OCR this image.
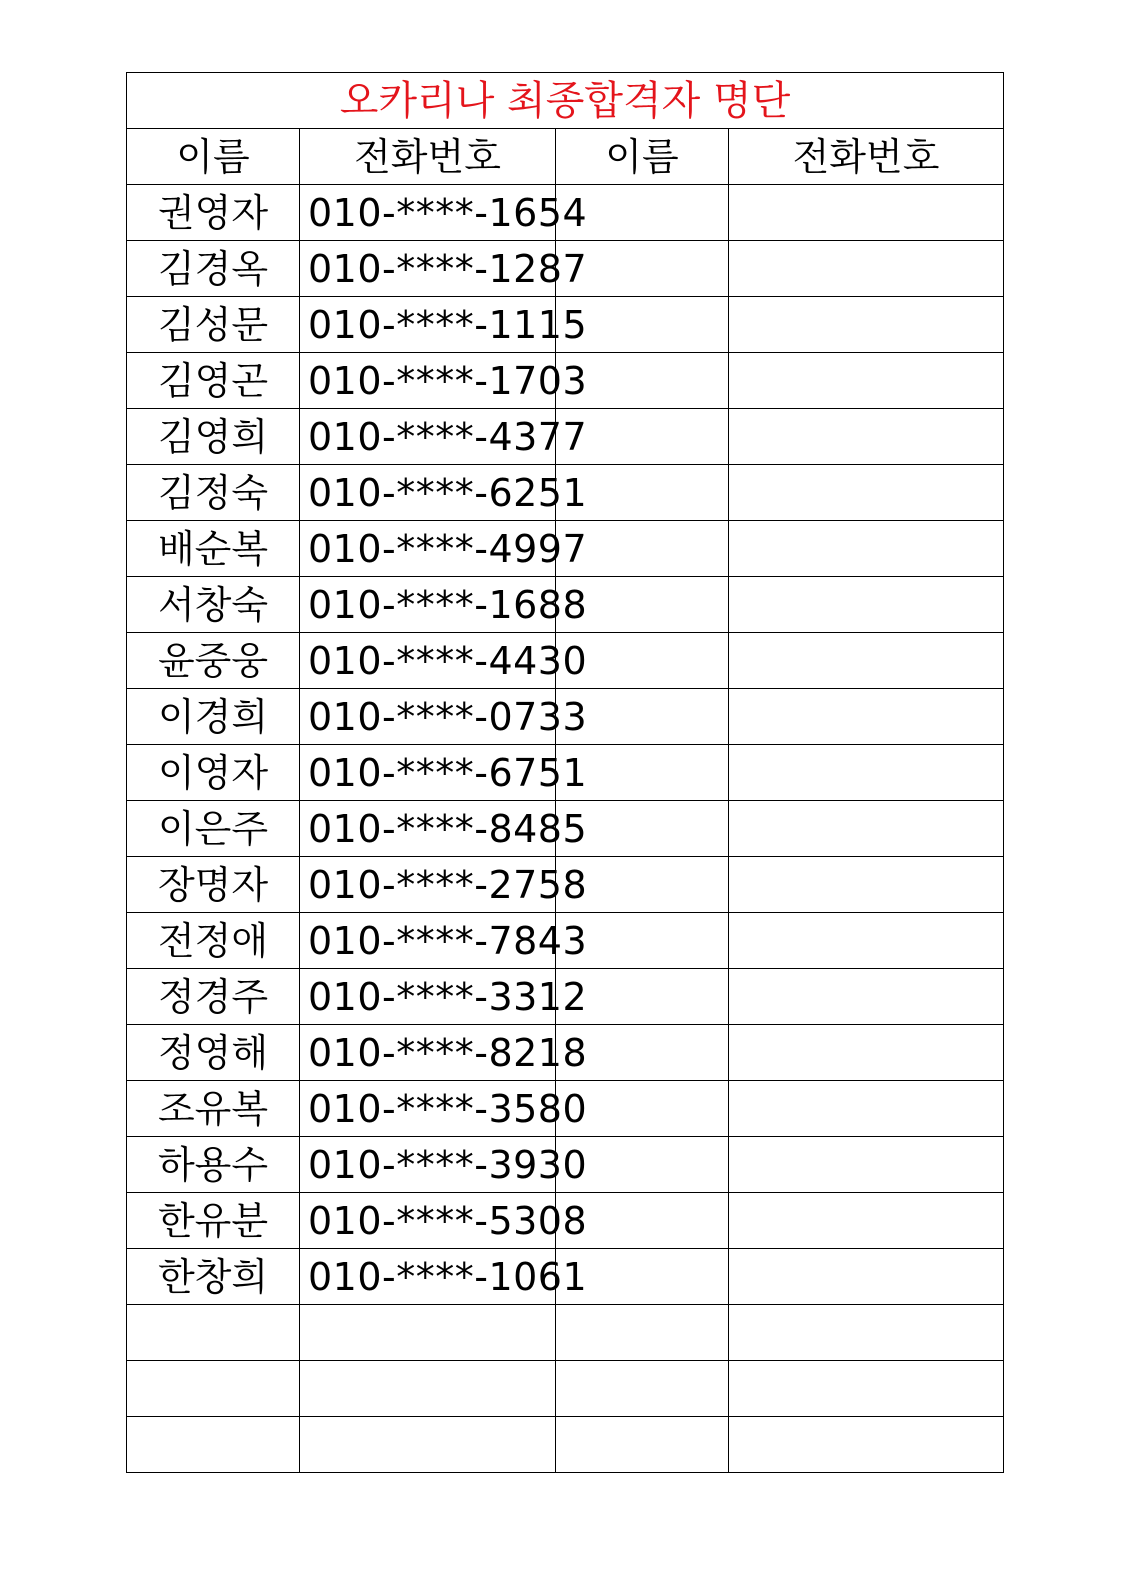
오카리나 최종합격자 명단			
이름	전화번호	이름	전화번호
권영자	010-****-1654		
김경옥	010-****-1287		
김성문	010-****-1115		
김영곤	010-****-1703		
김영희	010-****-4377		
김정숙	010-****-6251		
배순복	010-****-4997		
서창숙	010-****-1688		
윤중웅	010-****-4430		
이경희	010-****-0733		
이영자	010-****-6751		
이은주	010-****-8485		
장명자	010-****-2758		
전정애	010-****-7843		
정경주	010-****-3312		
정영해	010-****-8218		
조유복	010-****-3580		
하용수	010-****-3930		
한유분	010-****-5308		
한창희	010-****-1061		
